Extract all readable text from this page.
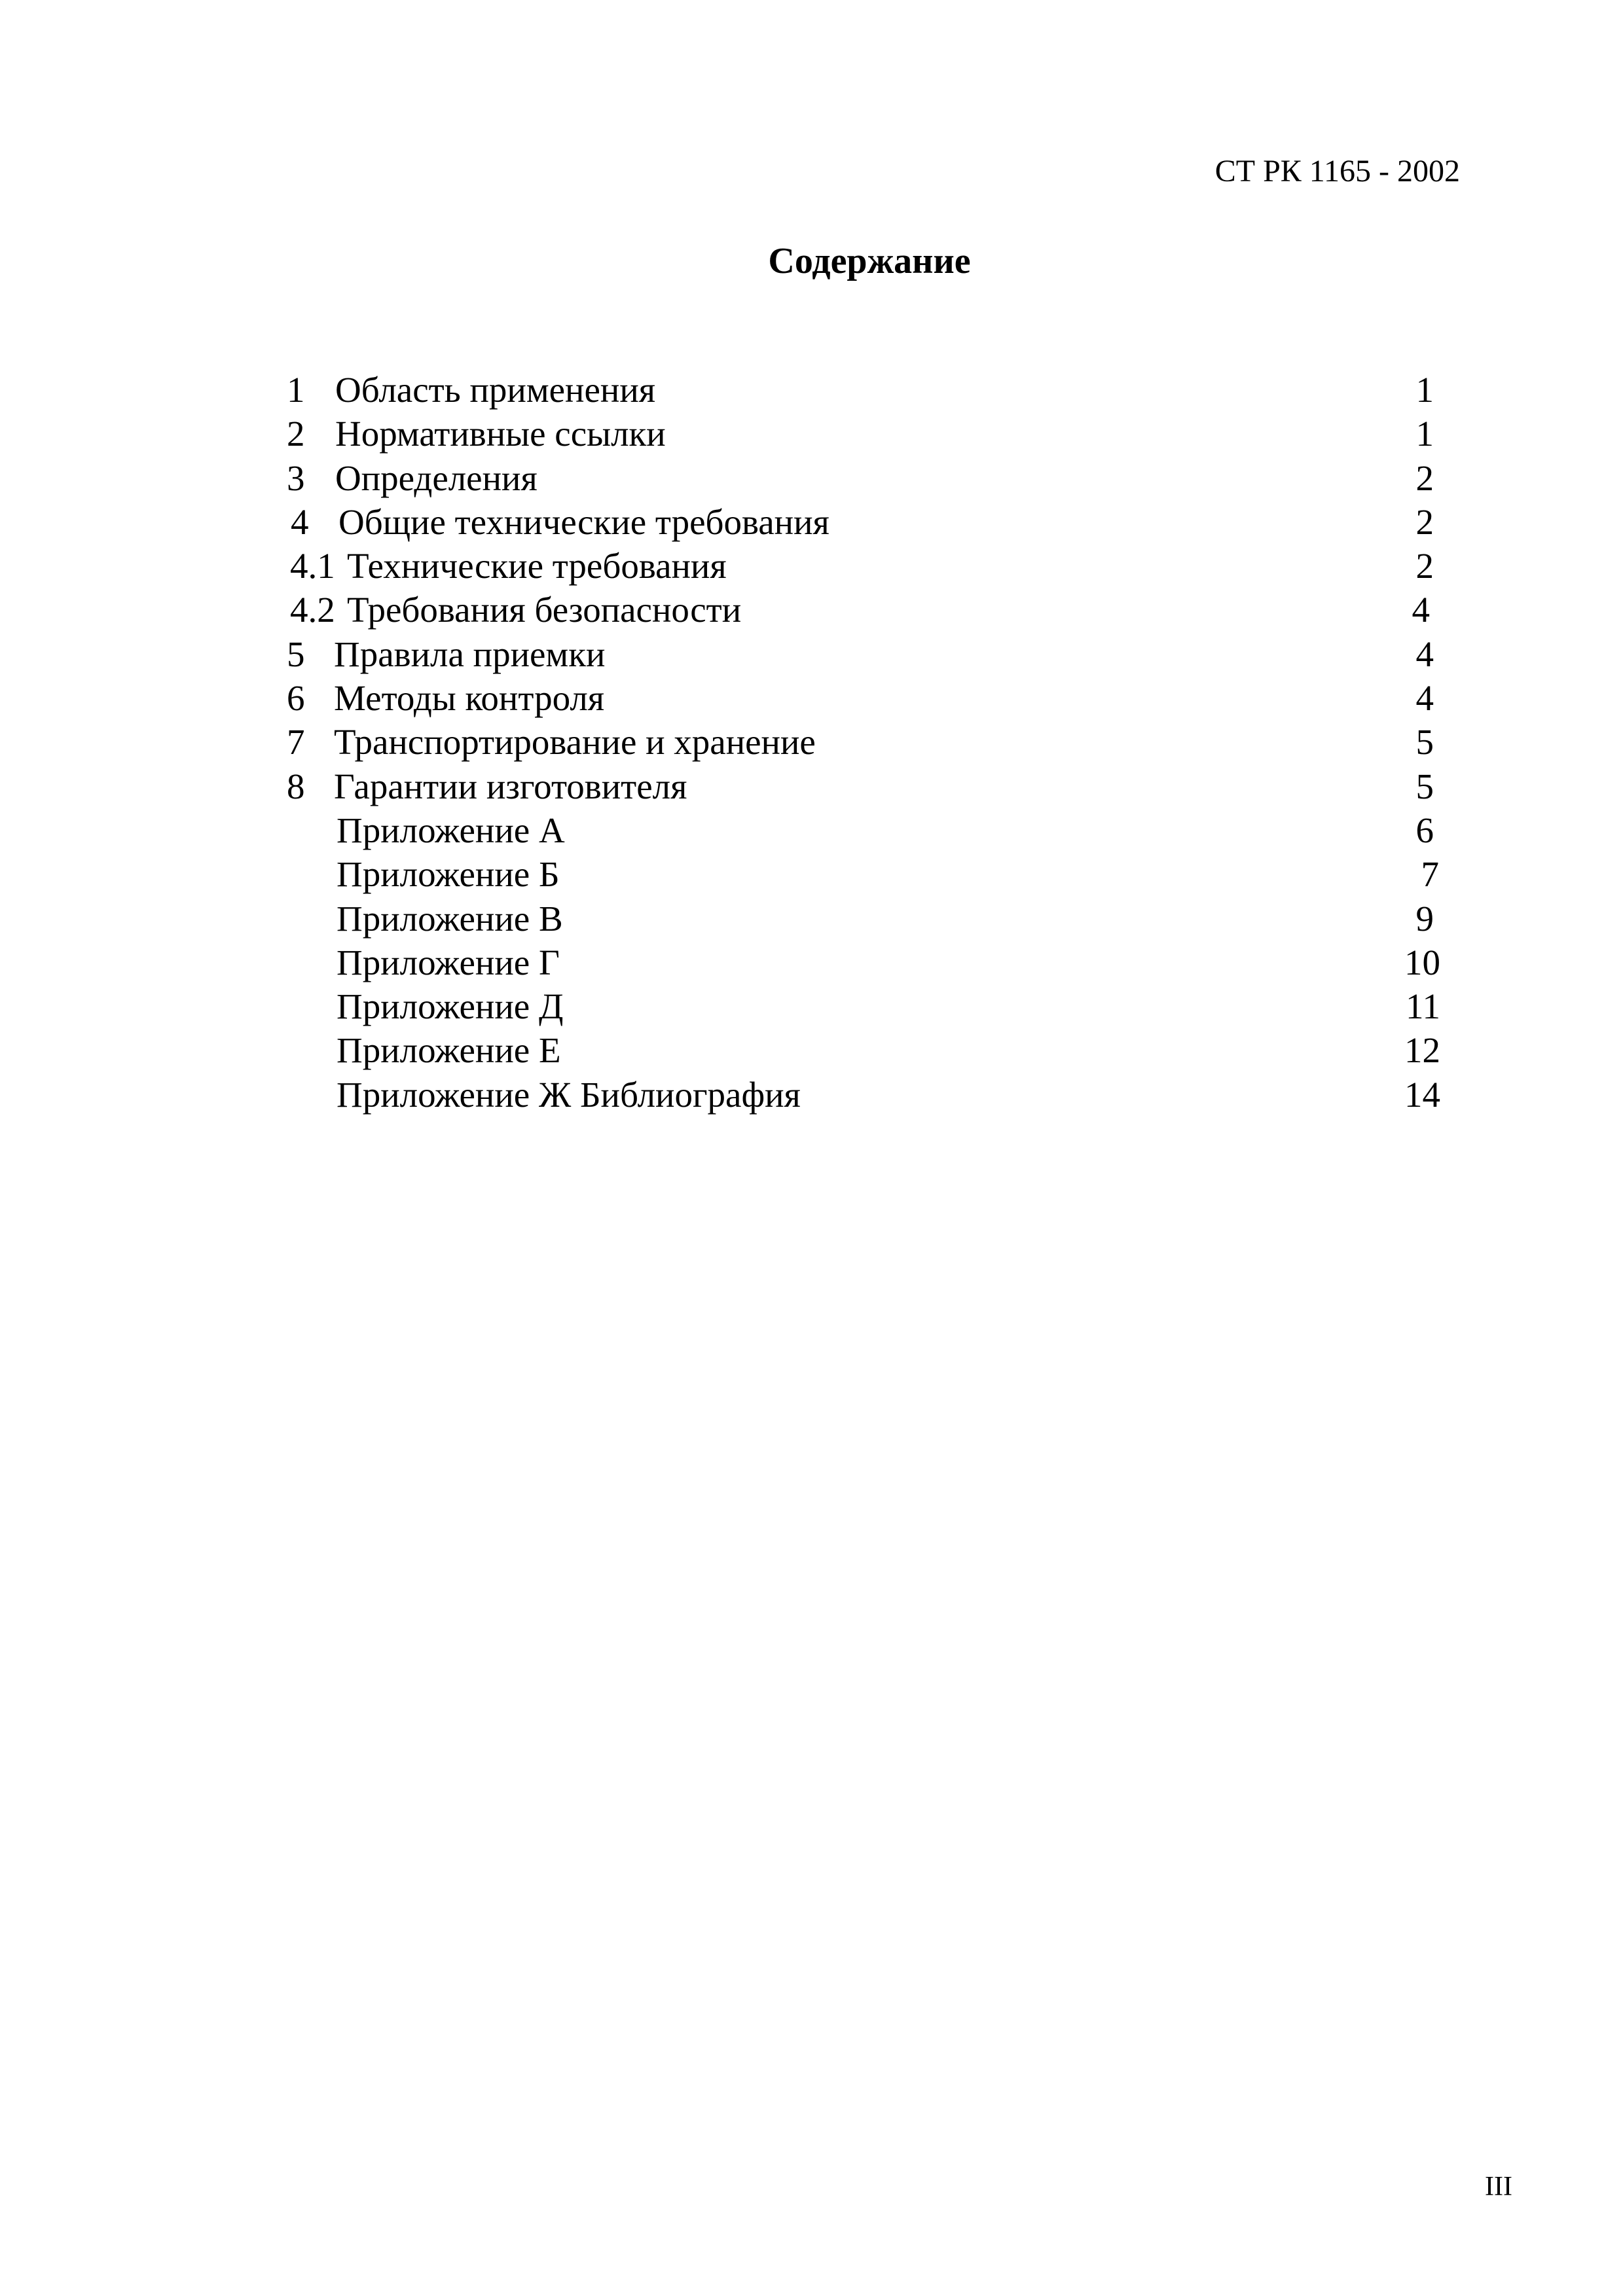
СТ РК 1165 - 2002
Содержание
1 Область применения	1
2 Нормативные ссылки	1
3 Определения	2
4 Общие технические требования	2
4.1 Технические требования	2
4.2 Требования безопасности	4
5 Правила приемки	4
6 Методы контроля	4
7 Транспортирование и хранение	5
8 Гарантии изготовителя	5
Приложение А	6
Приложение Б	7
Приложение В	9
Приложение Г	10
Приложение Д	11
Приложение Е	12
Приложение Ж Библиография	14
III
